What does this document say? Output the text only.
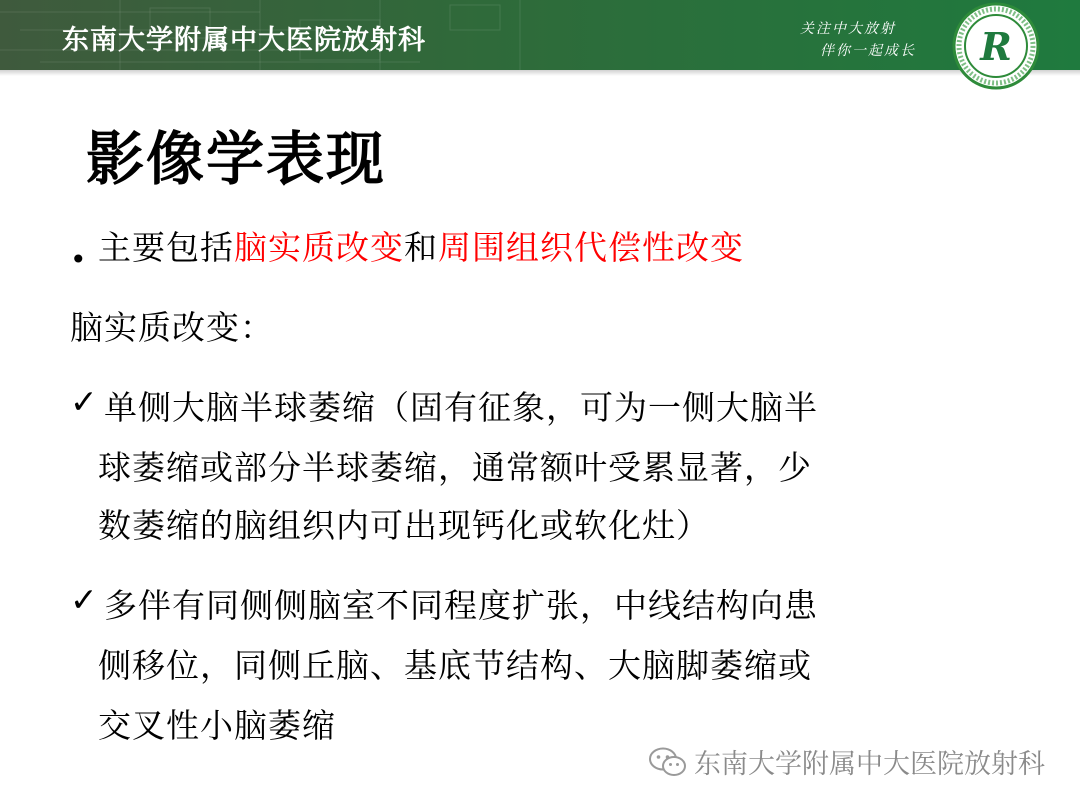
东南大学附属中大医院放射科	关注中大放射
伴你一起成长 R
影像学表现
• 主要包括脑实质改变和周围组织代偿性改变
脑实质改变：
✓ 单侧大脑半球萎缩（固有征象，可为一侧大脑半
球萎缩或部分半球萎缩，通常额叶受累显著，少
数萎缩的脑组织内可出现钙化或软化灶）
✓ 多伴有同侧侧脑室不同程度扩张，中线结构向患
侧移位，同侧丘脑、基底节结构、大脑脚萎缩或
交叉性小脑萎缩
东南大学附属中大医院放射科
